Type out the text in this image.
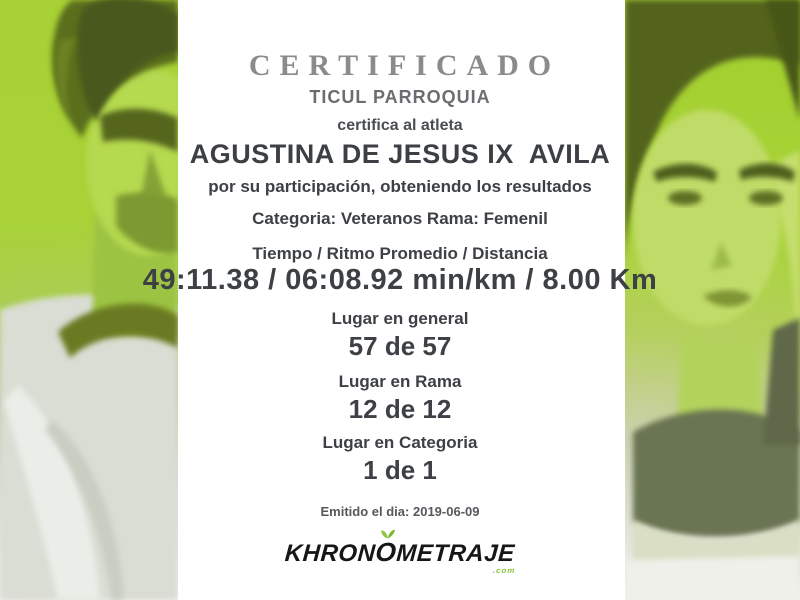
CERTIFICADO
TICUL PARROQUIA
certifica al atleta
AGUSTINA DE JESUS IX  AVILA
por su participación, obteniendo los resultados
Categoria: Veteranos Rama: Femenil
Tiempo / Ritmo Promedio / Distancia
49:11.38 / 06:08.92 min/km / 8.00 Km
Lugar en general
57 de 57
Lugar en Rama
12 de 12
Lugar en Categoria
1 de 1
Emitido el dia: 2019-06-09
KHRON
OMETRAJE
.com
